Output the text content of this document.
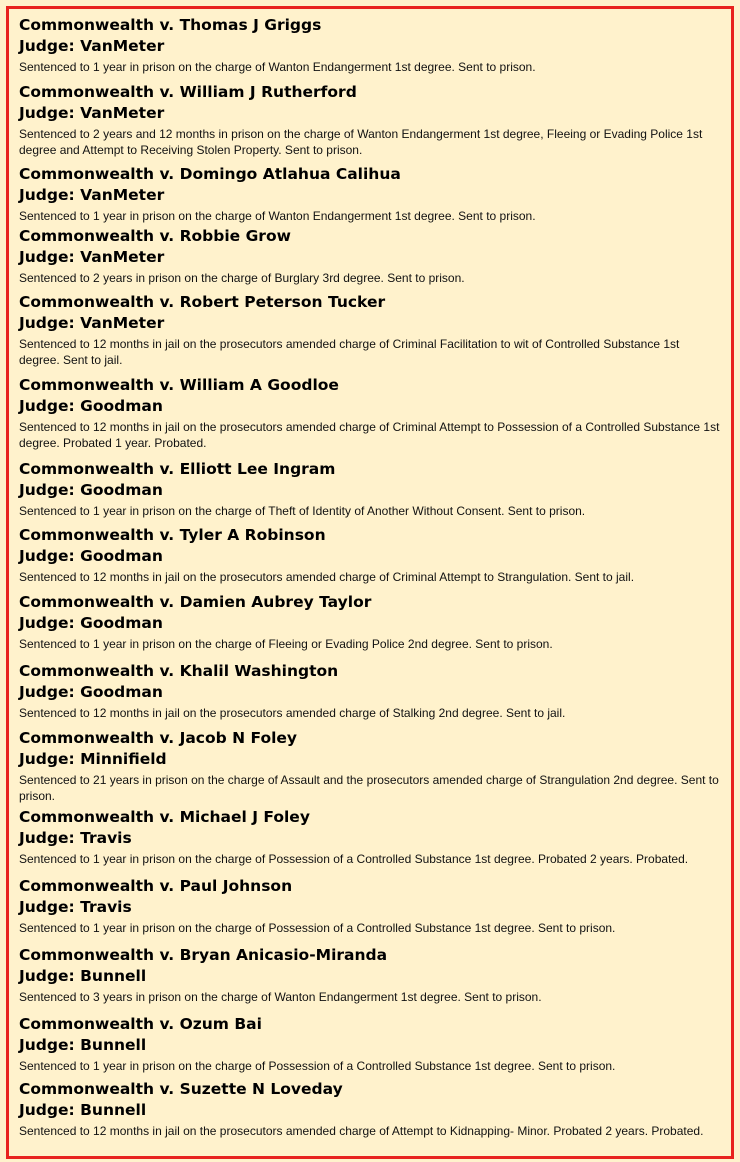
Commonwealth v. Thomas J Griggs
Judge: VanMeter
Sentenced to 1 year in prison on the charge of Wanton Endangerment 1st degree. Sent to prison.
Commonwealth v. William J Rutherford
Judge: VanMeter
Sentenced to 2 years and 12 months in prison on the charge of Wanton Endangerment 1st degree, Fleeing or Evading Police 1st degree and Attempt to Receiving Stolen Property. Sent to prison.
Commonwealth v. Domingo Atlahua Calihua
Judge: VanMeter
Sentenced to 1 year in prison on the charge of Wanton Endangerment 1st degree. Sent to prison.
Commonwealth v. Robbie Grow
Judge: VanMeter
Sentenced to 2 years in prison on the charge of Burglary 3rd degree. Sent to prison.
Commonwealth v. Robert Peterson Tucker
Judge: VanMeter
Sentenced to 12 months in jail on the prosecutors amended charge of Criminal Facilitation to wit of Controlled Substance 1st degree. Sent to jail.
Commonwealth v. William A Goodloe
Judge: Goodman
Sentenced to 12 months in jail on the prosecutors amended charge of Criminal Attempt to Possession of a Controlled Substance 1st degree. Probated 1 year. Probated.
Commonwealth v. Elliott Lee Ingram
Judge: Goodman
Sentenced to 1 year in prison on the charge of Theft of Identity of Another Without Consent. Sent to prison.
Commonwealth v. Tyler A Robinson
Judge: Goodman
Sentenced to 12 months in jail on the prosecutors amended charge of Criminal Attempt to Strangulation. Sent to jail.
Commonwealth v. Damien Aubrey Taylor
Judge: Goodman
Sentenced to 1 year in prison on the charge of Fleeing or Evading Police 2nd degree. Sent to prison.
Commonwealth v. Khalil Washington
Judge: Goodman
Sentenced to 12 months in jail on the prosecutors amended charge of Stalking 2nd degree. Sent to jail.
Commonwealth v. Jacob N Foley
Judge: Minnifield
Sentenced to 21 years in prison on the charge of Assault and the prosecutors amended charge of Strangulation 2nd degree. Sent to prison.
Commonwealth v. Michael J Foley
Judge: Travis
Sentenced to 1 year in prison on the charge of Possession of a Controlled Substance 1st degree. Probated 2 years. Probated.
Commonwealth v. Paul Johnson
Judge: Travis
Sentenced to 1 year in prison on the charge of Possession of a Controlled Substance 1st degree. Sent to prison.
Commonwealth v. Bryan Anicasio-Miranda
Judge: Bunnell
Sentenced to 3 years in prison on the charge of Wanton Endangerment 1st degree. Sent to prison.
Commonwealth v. Ozum Bai
Judge: Bunnell
Sentenced to 1 year in prison on the charge of Possession of a Controlled Substance 1st degree. Sent to prison.
Commonwealth v. Suzette N Loveday
Judge: Bunnell
Sentenced to 12 months in jail on the prosecutors amended charge of Attempt to Kidnapping- Minor. Probated 2 years. Probated.
